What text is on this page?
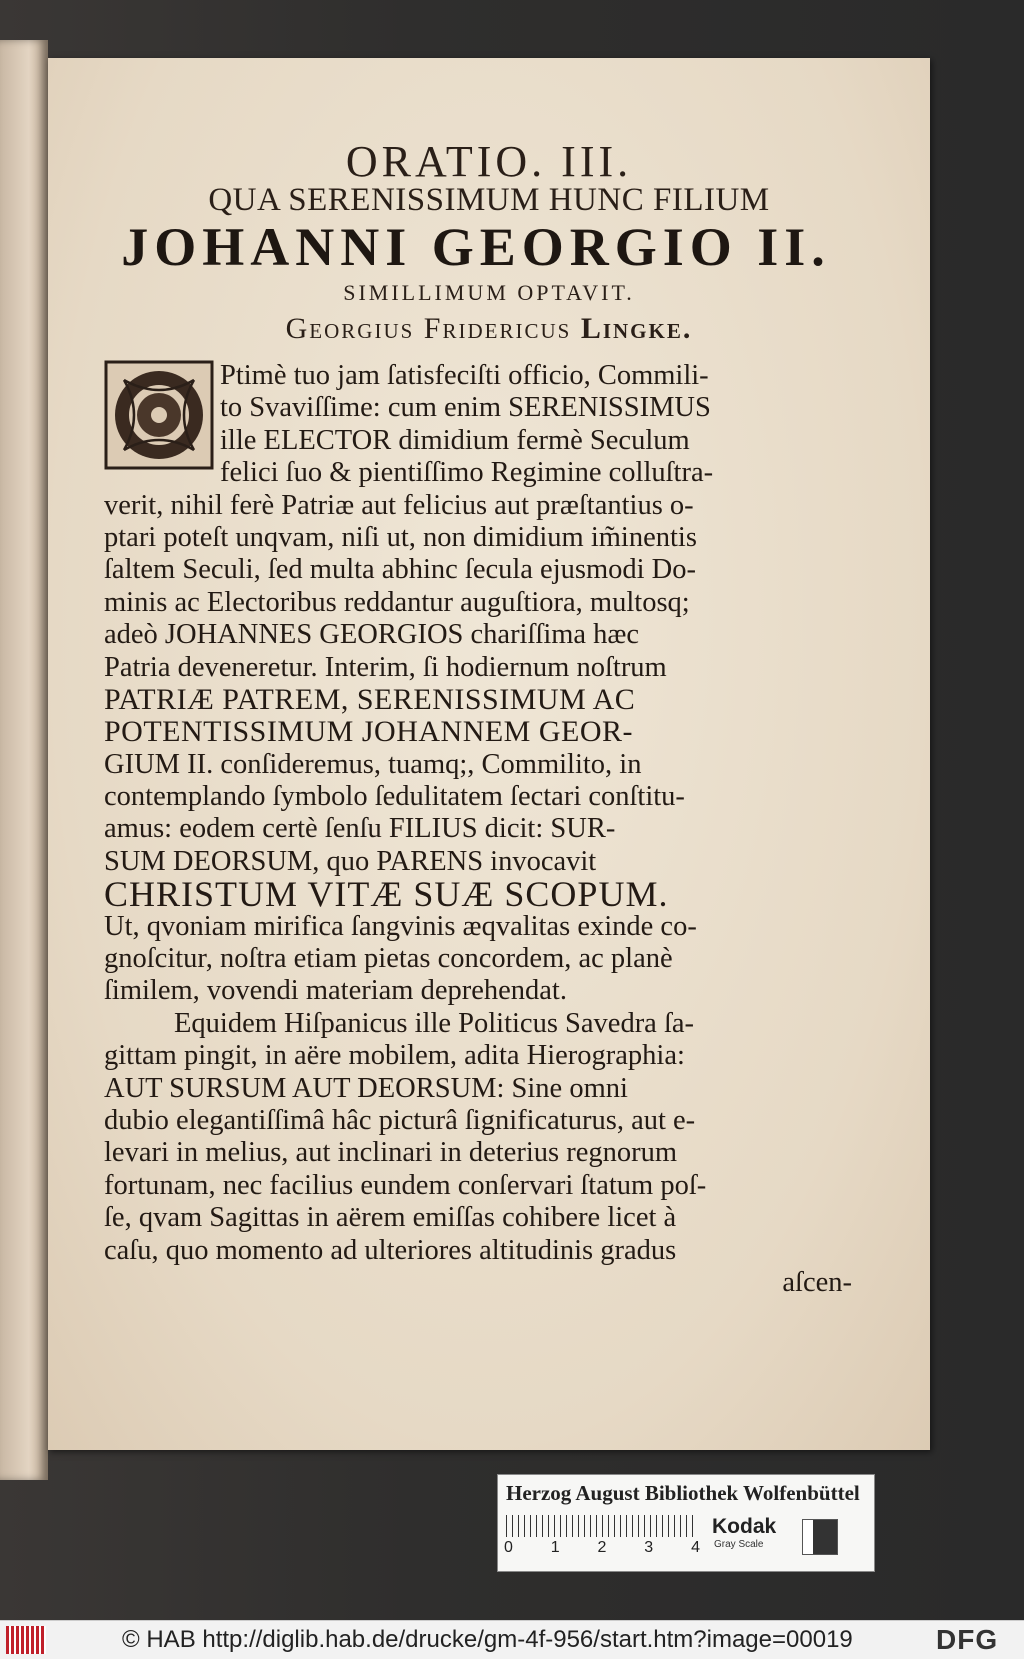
ORATIO. III.
QUA SERENISSIMUM HUNC FILIUM
JOHANNI GEORGIO II.
SIMILLIMUM OPTAVIT.
Georgius Fridericus Lingke.
Ptimè tuo jam ſatisfeciſti officio, Commili-
to Svaviſſime: cum enim SERENISSIMUS
ille ELECTOR dimidium fermè Seculum
felici ſuo & pientiſſimo Regimine colluſtra-
verit, nihil ferè Patriæ aut felicius aut præſtantius o-
ptari poteſt unqvam, niſi ut, non dimidium im̃inentis
ſaltem Seculi, ſed multa abhinc ſecula ejusmodi Do-
minis ac Electoribus reddantur auguſtiora, multosq;
adeò JOHANNES GEORGIOS chariſſima hæc
Patria deveneretur. Interim, ſi hodiernum noſtrum
PATRIÆ PATREM, SERENISSIMUM AC
POTENTISSIMUM JOHANNEM GEOR-
GIUM II. conſideremus, tuamq;, Commilito, in
contemplando ſymbolo ſedulitatem ſectari conſtitu-
amus: eodem certè ſenſu FILIUS dicit: SUR-
SUM DEORSUM, quo PARENS invocavit
CHRISTUM VITÆ SUÆ SCOPUM.
Ut, qvoniam mirifica ſangvinis æqvalitas exinde co-
gnoſcitur, noſtra etiam pietas concordem, ac planè
ſimilem, vovendi materiam deprehendat.
Equidem Hiſpanicus ille Politicus Savedra ſa-
gittam pingit, in aëre mobilem, adita Hierographia:
AUT SURSUM AUT DEORSUM: Sine omni
dubio elegantiſſimâ hâc picturâ ſignificaturus, aut e-
levari in melius, aut inclinari in deterius regnorum
fortunam, nec facilius eundem conſervari ſtatum poſ-
ſe, qvam Sagittas in aërem emiſſas cohibere licet à
caſu, quo momento ad ulteriores altitudinis gradus
aſcen-
Herzog August Bibliothek Wolfenbüttel
0 1 2 3 4
Kodak
Gray Scale
© HAB http://diglib.hab.de/drucke/gm-4f-956/start.htm?image=00019	DFG
